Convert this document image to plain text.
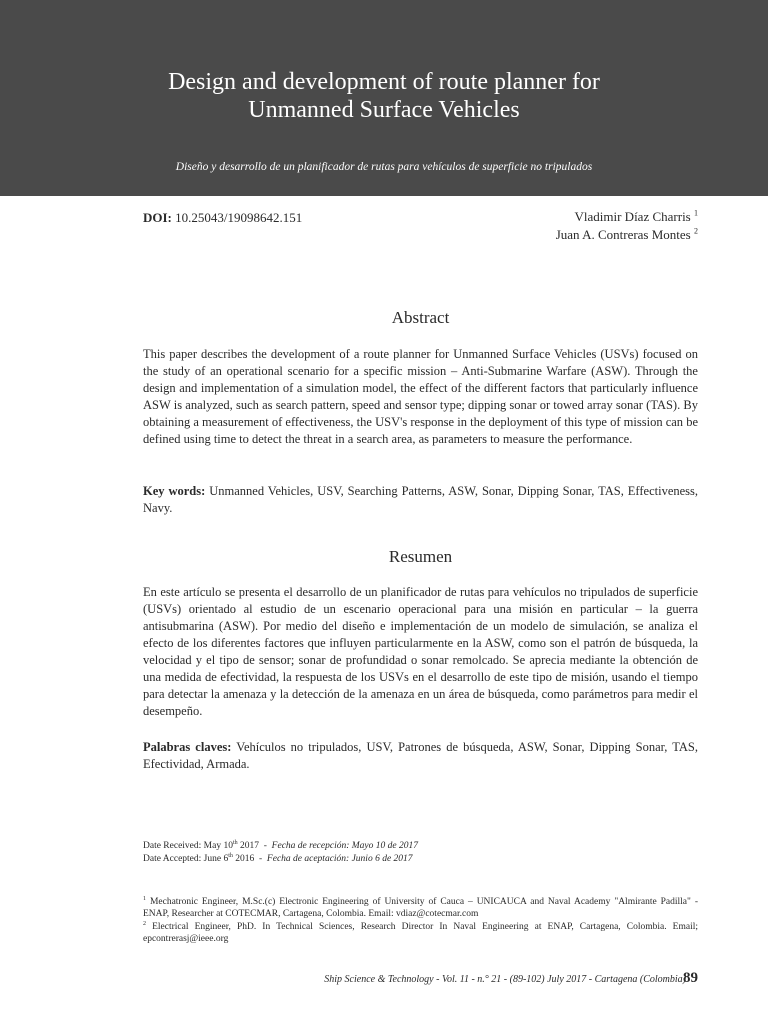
Design and development of route planner for
Unmanned Surface Vehicles

Diseño y desarrollo de un planificador de rutas para vehículos de superficie no tripulados

DOI: 10.25043/19098642.151	Vladimir Díaz Charris $^1$
Juan A. Contreras Montes $^2$
Abstract

This paper describes the development of a route planner for Unmanned Surface Vehicles (USVs) focused on the study of an operational scenario for a specific mission – Anti-Submarine Warfare (ASW). Through the design and implementation of a simulation model, the effect of the different factors that particularly influence ASW is analyzed, such as search pattern, speed and sensor type; dipping sonar or towed array sonar (TAS). By obtaining a measurement of effectiveness, the USV's response in the deployment of this type of mission can be defined using time to detect the threat in a search area, as parameters to measure the performance.

Key words: Unmanned Vehicles, USV, Searching Patterns, ASW, Sonar, Dipping Sonar, TAS, Effectiveness, Navy.

Resumen

En este artículo se presenta el desarrollo de un planificador de rutas para vehículos no tripulados de superficie (USVs) orientado al estudio de un escenario operacional para una misión en particular – la guerra antisubmarina (ASW). Por medio del diseño e implementación de un modelo de simulación, se analiza el efecto de los diferentes factores que influyen particularmente en la ASW, como son el patrón de búsqueda, la velocidad y el tipo de sensor; sonar de profundidad o sonar remolcado. Se aprecia mediante la obtención de una medida de efectividad, la respuesta de los USVs en el desarrollo de este tipo de misión, usando el tiempo para detectar la amenaza y la detección de la amenaza en un área de búsqueda, como parámetros para medir el desempeño.

Palabras claves: Vehículos no tripulados, USV, Patrones de búsqueda, ASW, Sonar, Dipping Sonar, TAS, Efectividad, Armada.

Date Received: May 10th 2017  -  Fecha de recepción: Mayo 10 de 2017
Date Accepted: June 6th 2016  -  Fecha de aceptación: Junio 6 de 2017

$^1$ Mechatronic Engineer, M.Sc.(c) Electronic Engineering of University of Cauca – UNICAUCA and Naval Academy "Almirante Padilla" - ENAP, Researcher at COTECMAR, Cartagena, Colombia. Email: vdiaz@cotecmar.com

$^2$ Electrical Engineer, PhD. In Technical Sciences, Research Director In Naval Engineering at ENAP, Cartagena, Colombia. Email; epcontrerasj@ieee.org

Ship Science & Technology - Vol. 11 - n.° 21 - (89-102) July 2017 - Cartagena (Colombia)
89
